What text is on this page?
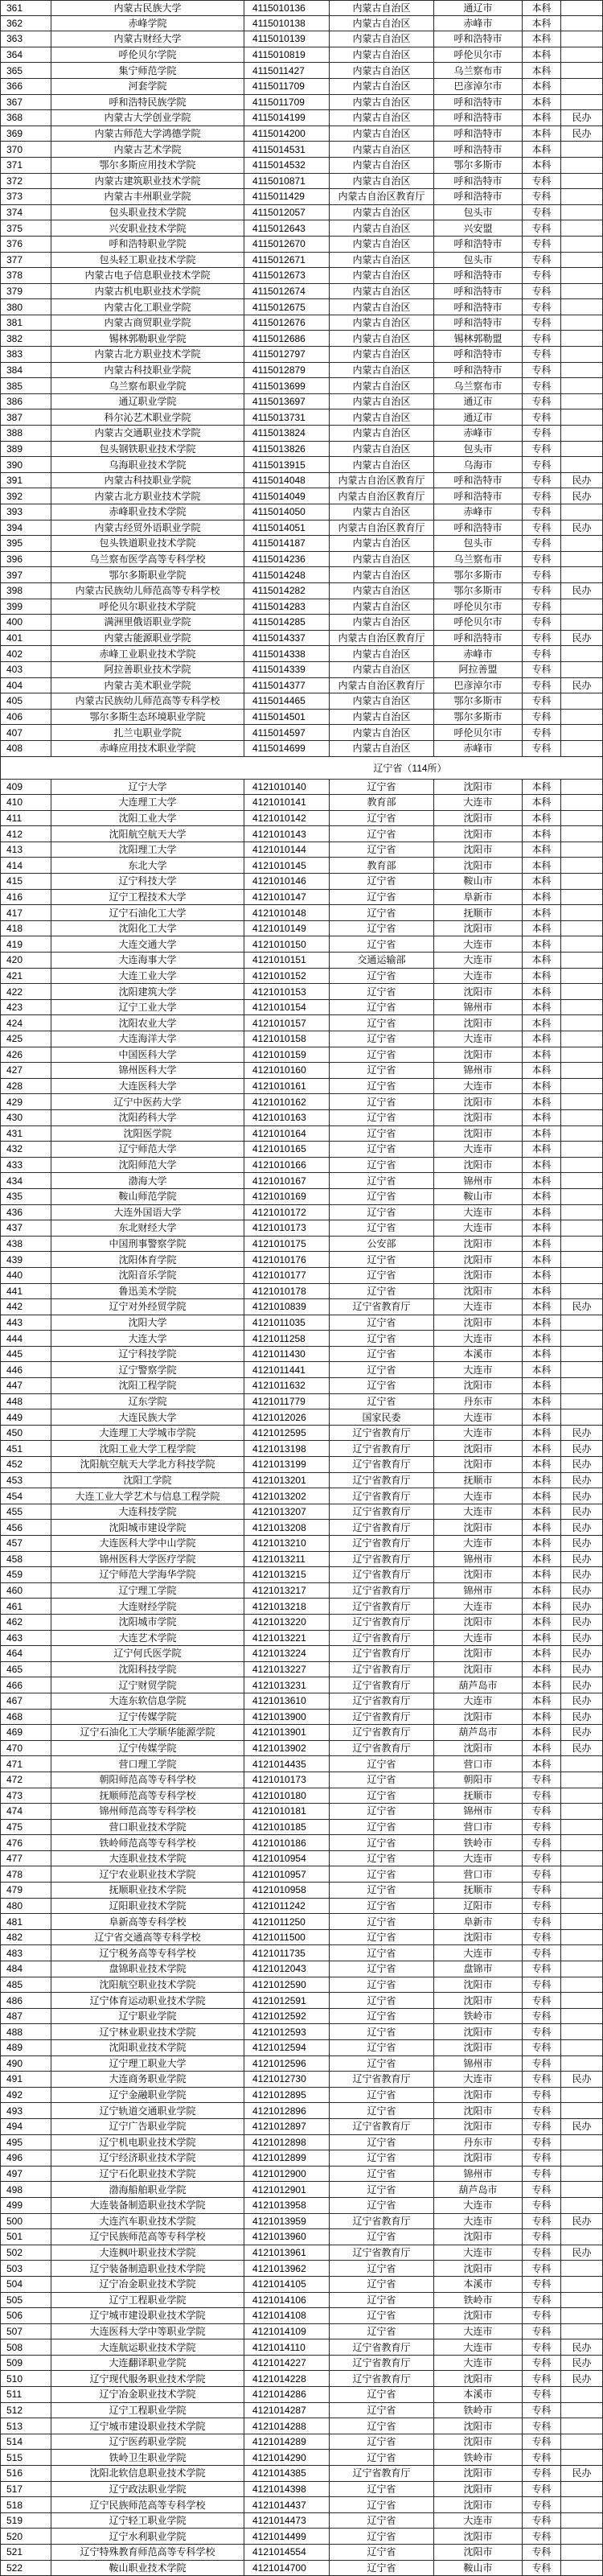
361	内蒙古民族大学	4115010136	内蒙古自治区	通辽市	本科
362	赤峰学院	4115010138	内蒙古自治区	赤峰市	本科
363	内蒙古财经大学	4115010139	内蒙古自治区	呼和浩特市	本科
364	呼伦贝尔学院	4115010819	内蒙古自治区	呼伦贝尔市	本科
365	集宁师范学院	4115011427	内蒙古自治区	乌兰察布市	本科
366	河套学院	4115011709	内蒙古自治区	巴彦淖尔市	本科
367	呼和浩特民族学院	4115011709	内蒙古自治区	呼和浩特市	本科
368	内蒙古大学创业学院	4115014199	内蒙古自治区	呼和浩特市	本科	民办
369	内蒙古师范大学鸿德学院	4115014200	内蒙古自治区	呼和浩特市	本科	民办
370	内蒙古艺术学院	4115014531	内蒙古自治区	呼和浩特市	本科
371	鄂尔多斯应用技术学院	4115014532	内蒙古自治区	鄂尔多斯市	本科
372	内蒙古建筑职业技术学院	4115010871	内蒙古自治区	呼和浩特市	专科
373	内蒙古丰州职业学院	4115011429	内蒙古自治区教育厅	呼和浩特市	专科
374	包头职业技术学院	4115012057	内蒙古自治区	包头市	专科
375	兴安职业技术学院	4115012643	内蒙古自治区	兴安盟	专科
376	呼和浩特职业学院	4115012670	内蒙古自治区	呼和浩特市	专科
377	包头轻工职业技术学院	4115012671	内蒙古自治区	包头市	专科
378	内蒙古电子信息职业技术学院	4115012673	内蒙古自治区	呼和浩特市	专科
379	内蒙古机电职业技术学院	4115012674	内蒙古自治区	呼和浩特市	专科
380	内蒙古化工职业学院	4115012675	内蒙古自治区	呼和浩特市	专科
381	内蒙古商贸职业学院	4115012676	内蒙古自治区	呼和浩特市	专科
382	锡林郭勒职业学院	4115012686	内蒙古自治区	锡林郭勒盟	专科
383	内蒙古北方职业技术学院	4115012797	内蒙古自治区	呼和浩特市	专科
384	内蒙古科技职业学院	4115012879	内蒙古自治区	呼和浩特市	专科
385	乌兰察布职业学院	4115013699	内蒙古自治区	乌兰察布市	专科
386	通辽职业学院	4115013697	内蒙古自治区	通辽市	专科
387	科尔沁艺术职业学院	4115013731	内蒙古自治区	通辽市	专科
388	内蒙古交通职业技术学院	4115013824	内蒙古自治区	赤峰市	专科
389	包头钢铁职业技术学院	4115013826	内蒙古自治区	包头市	专科
390	乌海职业技术学院	4115013915	内蒙古自治区	乌海市	专科
391	内蒙古科技职业学院	4115014048	内蒙古自治区教育厅	呼和浩特市	专科	民办
392	内蒙古北方职业技术学院	4115014049	内蒙古自治区教育厅	呼和浩特市	专科	民办
393	赤峰职业技术学院	4115014050	内蒙古自治区	赤峰市	专科
394	内蒙古经贸外语职业学院	4115014051	内蒙古自治区教育厅	呼和浩特市	专科	民办
395	包头铁道职业技术学院	4115014187	内蒙古自治区	包头市	专科
396	乌兰察布医学高等专科学校	4115014236	内蒙古自治区	乌兰察布市	专科
397	鄂尔多斯职业学院	4115014248	内蒙古自治区	鄂尔多斯市	专科
398	内蒙古民族幼儿师范高等专科学校	4115014282	内蒙古自治区	鄂尔多斯市	专科	民办
399	呼伦贝尔职业技术学院	4115014283	内蒙古自治区	呼伦贝尔市	专科
400	满洲里俄语职业学院	4115014285	内蒙古自治区	呼伦贝尔市	专科
401	内蒙古能源职业学院	4115014337	内蒙古自治区教育厅	呼和浩特市	专科	民办
402	赤峰工业职业技术学院	4115014338	内蒙古自治区	赤峰市	专科
403	阿拉善职业技术学院	4115014339	内蒙古自治区	阿拉善盟	专科
404	内蒙古美术职业学院	4115014377	内蒙古自治区教育厅	巴彦淖尔市	专科	民办
405	内蒙古民族幼儿师范高等专科学校	4115014465	内蒙古自治区	鄂尔多斯市	专科
406	鄂尔多斯生态环境职业学院	4115014501	内蒙古自治区	鄂尔多斯市	专科
407	扎兰屯职业学院	4115014597	内蒙古自治区	呼伦贝尔市	专科
408	赤峰应用技术职业学院	4115014699	内蒙古自治区	赤峰市	专科
辽宁省（114所）
409	辽宁大学	4121010140	辽宁省	沈阳市	本科
410	大连理工大学	4121010141	教育部	大连市	本科
411	沈阳工业大学	4121010142	辽宁省	沈阳市	本科
412	沈阳航空航天大学	4121010143	辽宁省	沈阳市	本科
413	沈阳理工大学	4121010144	辽宁省	沈阳市	本科
414	东北大学	4121010145	教育部	沈阳市	本科
415	辽宁科技大学	4121010146	辽宁省	鞍山市	本科
416	辽宁工程技术大学	4121010147	辽宁省	阜新市	本科
417	辽宁石油化工大学	4121010148	辽宁省	抚顺市	本科
418	沈阳化工大学	4121010149	辽宁省	沈阳市	本科
419	大连交通大学	4121010150	辽宁省	大连市	本科
420	大连海事大学	4121010151	交通运输部	大连市	本科
421	大连工业大学	4121010152	辽宁省	大连市	本科
422	沈阳建筑大学	4121010153	辽宁省	沈阳市	本科
423	辽宁工业大学	4121010154	辽宁省	锦州市	本科
424	沈阳农业大学	4121010157	辽宁省	沈阳市	本科
425	大连海洋大学	4121010158	辽宁省	大连市	本科
426	中国医科大学	4121010159	辽宁省	沈阳市	本科
427	锦州医科大学	4121010160	辽宁省	锦州市	本科
428	大连医科大学	4121010161	辽宁省	大连市	本科
429	辽宁中医药大学	4121010162	辽宁省	沈阳市	本科
430	沈阳药科大学	4121010163	辽宁省	沈阳市	本科
431	沈阳医学院	4121010164	辽宁省	沈阳市	本科
432	辽宁师范大学	4121010165	辽宁省	大连市	本科
433	沈阳师范大学	4121010166	辽宁省	沈阳市	本科
434	渤海大学	4121010167	辽宁省	锦州市	本科
435	鞍山师范学院	4121010169	辽宁省	鞍山市	本科
436	大连外国语大学	4121010172	辽宁省	大连市	本科
437	东北财经大学	4121010173	辽宁省	大连市	本科
438	中国刑事警察学院	4121010175	公安部	沈阳市	本科
439	沈阳体育学院	4121010176	辽宁省	沈阳市	本科
440	沈阳音乐学院	4121010177	辽宁省	沈阳市	本科
441	鲁迅美术学院	4121010178	辽宁省	沈阳市	本科
442	辽宁对外经贸学院	4121010839	辽宁省教育厅	大连市	本科	民办
443	沈阳大学	4121011035	辽宁省	沈阳市	本科
444	大连大学	4121011258	辽宁省	大连市	本科
445	辽宁科技学院	4121011430	辽宁省	本溪市	本科
446	辽宁警察学院	4121011441	辽宁省	大连市	本科
447	沈阳工程学院	4121011632	辽宁省	沈阳市	本科
448	辽东学院	4121011779	辽宁省	丹东市	本科
449	大连民族大学	4121012026	国家民委	大连市	本科
450	大连理工大学城市学院	4121012595	辽宁省教育厅	大连市	本科	民办
451	沈阳工业大学工程学院	4121013198	辽宁省教育厅	沈阳市	本科	民办
452	沈阳航空航天大学北方科技学院	4121013199	辽宁省教育厅	沈阳市	本科	民办
453	沈阳工学院	4121013201	辽宁省教育厅	抚顺市	本科	民办
454	大连工业大学艺术与信息工程学院	4121013202	辽宁省教育厅	大连市	本科	民办
455	大连科技学院	4121013207	辽宁省教育厅	大连市	本科	民办
456	沈阳城市建设学院	4121013208	辽宁省教育厅	沈阳市	本科	民办
457	大连医科大学中山学院	4121013210	辽宁省教育厅	大连市	本科	民办
458	锦州医科大学医疗学院	4121013211	辽宁省教育厅	锦州市	本科	民办
459	辽宁师范大学海华学院	4121013215	辽宁省教育厅	沈阳市	本科	民办
460	辽宁理工学院	4121013217	辽宁省教育厅	锦州市	本科	民办
461	大连财经学院	4121013218	辽宁省教育厅	大连市	本科	民办
462	沈阳城市学院	4121013220	辽宁省教育厅	沈阳市	本科	民办
463	大连艺术学院	4121013221	辽宁省教育厅	大连市	本科	民办
464	辽宁何氏医学院	4121013224	辽宁省教育厅	沈阳市	本科	民办
465	沈阳科技学院	4121013227	辽宁省教育厅	沈阳市	本科	民办
466	辽宁财贸学院	4121013231	辽宁省教育厅	葫芦岛市	本科	民办
467	大连东软信息学院	4121013610	辽宁省教育厅	大连市	本科	民办
468	辽宁传媒学院	4121013900	辽宁省教育厅	沈阳市	本科	民办
469	辽宁石油化工大学顺华能源学院	4121013901	辽宁省教育厅	葫芦岛市	本科	民办
470	辽宁传媒学院	4121013902	辽宁省教育厅	沈阳市	本科	民办
471	营口理工学院	4121014435	辽宁省	营口市	本科
472	朝阳师范高等专科学校	4121010173	辽宁省	朝阳市	专科
473	抚顺师范高等专科学校	4121010180	辽宁省	抚顺市	专科
474	锦州师范高等专科学校	4121010181	辽宁省	锦州市	专科
475	营口职业技术学院	4121010185	辽宁省	营口市	专科
476	铁岭师范高等专科学校	4121010186	辽宁省	铁岭市	专科
477	大连职业技术学院	4121010954	辽宁省	大连市	专科
478	辽宁农业职业技术学院	4121010957	辽宁省	营口市	专科
479	抚顺职业技术学院	4121010958	辽宁省	抚顺市	专科
480	辽阳职业技术学院	4121011242	辽宁省	辽阳市	专科
481	阜新高等专科学校	4121011250	辽宁省	阜新市	专科
482	辽宁省交通高等专科学校	4121011500	辽宁省	沈阳市	专科
483	辽宁税务高等专科学校	4121011735	辽宁省	大连市	专科
484	盘锦职业技术学院	4121012043	辽宁省	盘锦市	专科
485	沈阳航空职业技术学院	4121012590	辽宁省	沈阳市	专科
486	辽宁体育运动职业技术学院	4121012591	辽宁省	沈阳市	专科
487	辽宁职业学院	4121012592	辽宁省	铁岭市	专科
488	辽宁林业职业技术学院	4121012593	辽宁省	沈阳市	专科
489	沈阳职业技术学院	4121012594	辽宁省	沈阳市	专科
490	辽宁理工职业大学	4121012596	辽宁省	锦州市	专科
491	大连商务职业学院	4121012730	辽宁省教育厅	大连市	专科	民办
492	辽宁金融职业学院	4121012895	辽宁省	沈阳市	专科
493	辽宁轨道交通职业学院	4121012896	辽宁省	沈阳市	专科
494	辽宁广告职业学院	4121012897	辽宁省教育厅	沈阳市	专科	民办
495	辽宁机电职业技术学院	4121012898	辽宁省	丹东市	专科
496	辽宁经济职业技术学院	4121012899	辽宁省	沈阳市	专科
497	辽宁石化职业技术学院	4121012900	辽宁省	锦州市	专科
498	渤海船舶职业学院	4121012901	辽宁省	葫芦岛市	专科
499	大连装备制造职业技术学院	4121013958	辽宁省	大连市	专科
500	大连汽车职业技术学院	4121013959	辽宁省教育厅	大连市	专科	民办
501	辽宁民族师范高等专科学校	4121013960	辽宁省	沈阳市	专科
502	大连枫叶职业技术学院	4121013961	辽宁省教育厅	大连市	专科	民办
503	辽宁装备制造职业技术学院	4121013962	辽宁省	沈阳市	专科
504	辽宁冶金职业技术学院	4121014105	辽宁省	本溪市	专科
505	辽宁工程职业学院	4121014106	辽宁省	铁岭市	专科
506	辽宁城市建设职业技术学院	4121014108	辽宁省	沈阳市	专科
507	大连医科大学中等职业学院	4121014109	辽宁省	大连市	专科
508	大连航运职业技术学院	4121014110	辽宁省教育厅	大连市	专科	民办
509	大连翻译职业学院	4121014227	辽宁省教育厅	大连市	专科	民办
510	辽宁现代服务职业技术学院	4121014228	辽宁省教育厅	沈阳市	专科	民办
511	辽宁冶金职业技术学院	4121014286	辽宁省	本溪市	专科
512	辽宁工程职业学院	4121014287	辽宁省	铁岭市	专科
513	辽宁城市建设职业技术学院	4121014288	辽宁省	沈阳市	专科
514	辽宁医药职业学院	4121014289	辽宁省	沈阳市	专科
515	铁岭卫生职业学院	4121014290	辽宁省	铁岭市	专科
516	沈阳北软信息职业技术学院	4121014385	辽宁省教育厅	沈阳市	专科	民办
517	辽宁政法职业学院	4121014398	辽宁省	沈阳市	专科
518	辽宁民族师范高等专科学校	4121014437	辽宁省	沈阳市	专科
519	辽宁轻工职业学院	4121014473	辽宁省	大连市	专科
520	辽宁水利职业学院	4121014499	辽宁省	沈阳市	专科
521	辽宁特殊教育师范高等专科学校	4121014554	辽宁省	沈阳市	专科
522	鞍山职业技术学院	4121014700	辽宁省	鞍山市	专科
